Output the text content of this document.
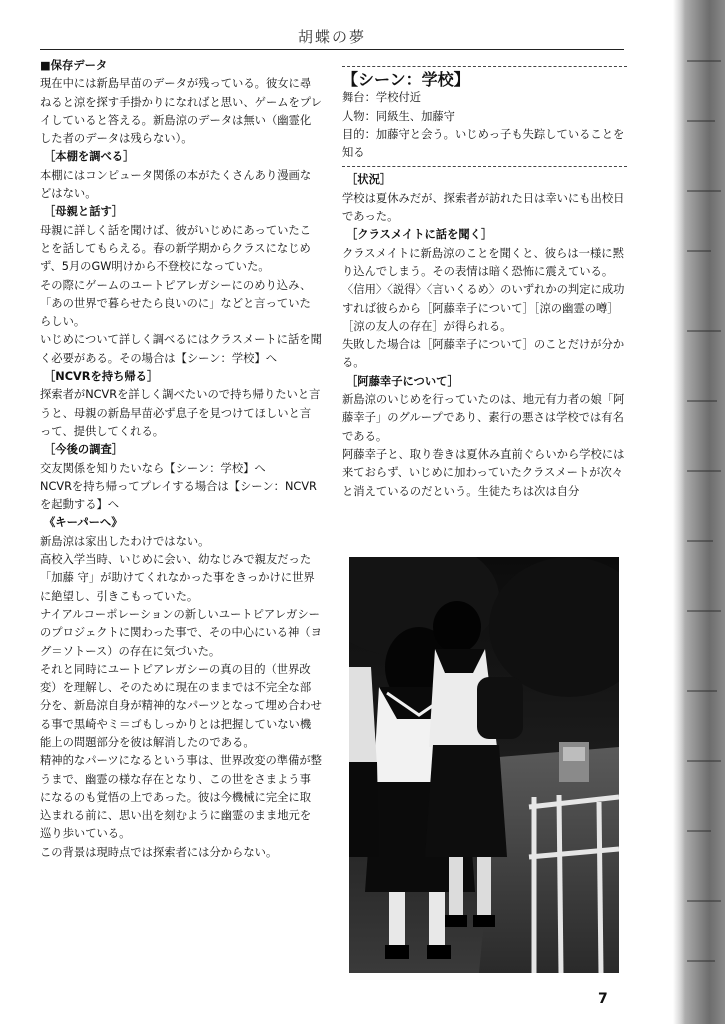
胡蝶の夢

■保存データ

現在中には新島早苗のデータが残っている。彼女に尋ねると涼を探す手掛かりになればと思い、ゲームをプレイしていると答える。新島涼のデータは無い（幽霊化した者のデータは残らない）。

［本棚を調べる］

本棚にはコンピュータ関係の本がたくさんあり漫画などはない。

［母親と話す］

母親に詳しく話を聞けば、彼がいじめにあっていたことを話してもらえる。春の新学期からクラスになじめず、5月のGW明けから不登校になっていた。

その際にゲームのユートピアレガシーにのめり込み、「あの世界で暮らせたら良いのに」などと言っていたらしい。

いじめについて詳しく調べるにはクラスメートに話を聞く必要がある。その場合は【シーン：学校】へ

［NCVRを持ち帰る］

探索者がNCVRを詳しく調べたいので持ち帰りたいと言うと、母親の新島早苗必ず息子を見つけてほしいと言って、提供してくれる。

［今後の調査］

交友関係を知りたいなら【シーン：学校】へ

NCVRを持ち帰ってプレイする場合は【シーン：NCVRを起動する】へ

《キーパーへ》

新島涼は家出したわけではない。

高校入学当時、いじめに会い、幼なじみで親友だった「加藤 守」が助けてくれなかった事をきっかけに世界に絶望し、引きこもっていた。

ナイアルコーポレーションの新しいユートピアレガシーのプロジェクトに関わった事で、その中心にいる神（ヨグ＝ソトース）の存在に気づいた。

それと同時にユートピアレガシーの真の目的（世界改変）を理解し、そのために現在のままでは不完全な部分を、新島涼自身が精神的なパーツとなって埋め合わせる事で黒崎やミ＝ゴもしっかりとは把握していない機能上の問題部分を彼は解消したのである。

精神的なパーツになるという事は、世界改変の準備が整うまで、幽霊の様な存在となり、この世をさまよう事になるのも覚悟の上であった。彼は今機械に完全に取込まれる前に、思い出を刻むように幽霊のまま地元を巡り歩いている。

この背景は現時点では探索者には分からない。

【シーン：学校】

舞台：学校付近

人物：同級生、加藤守

目的：加藤守と会う。いじめっ子も失踪していることを知る

［状況］

学校は夏休みだが、探索者が訪れた日は幸いにも出校日であった。

［クラスメイトに話を聞く］

クラスメイトに新島涼のことを聞くと、彼らは一様に黙り込んでしまう。その表情は暗く恐怖に震えている。

〈信用〉〈説得〉〈言いくるめ〉のいずれかの判定に成功すれば彼らから［阿藤幸子について］［涼の幽霊の噂］［涼の友人の存在］が得られる。

失敗した場合は［阿藤幸子について］のことだけが分かる。

［阿藤幸子について］

新島涼のいじめを行っていたのは、地元有力者の娘「阿藤幸子」のグループであり、素行の悪さは学校では有名である。

阿藤幸子と、取り巻きは夏休み直前ぐらいから学校には来ておらず、いじめに加わっていたクラスメートが次々と消えているのだという。生徒たちは次は自分

7
